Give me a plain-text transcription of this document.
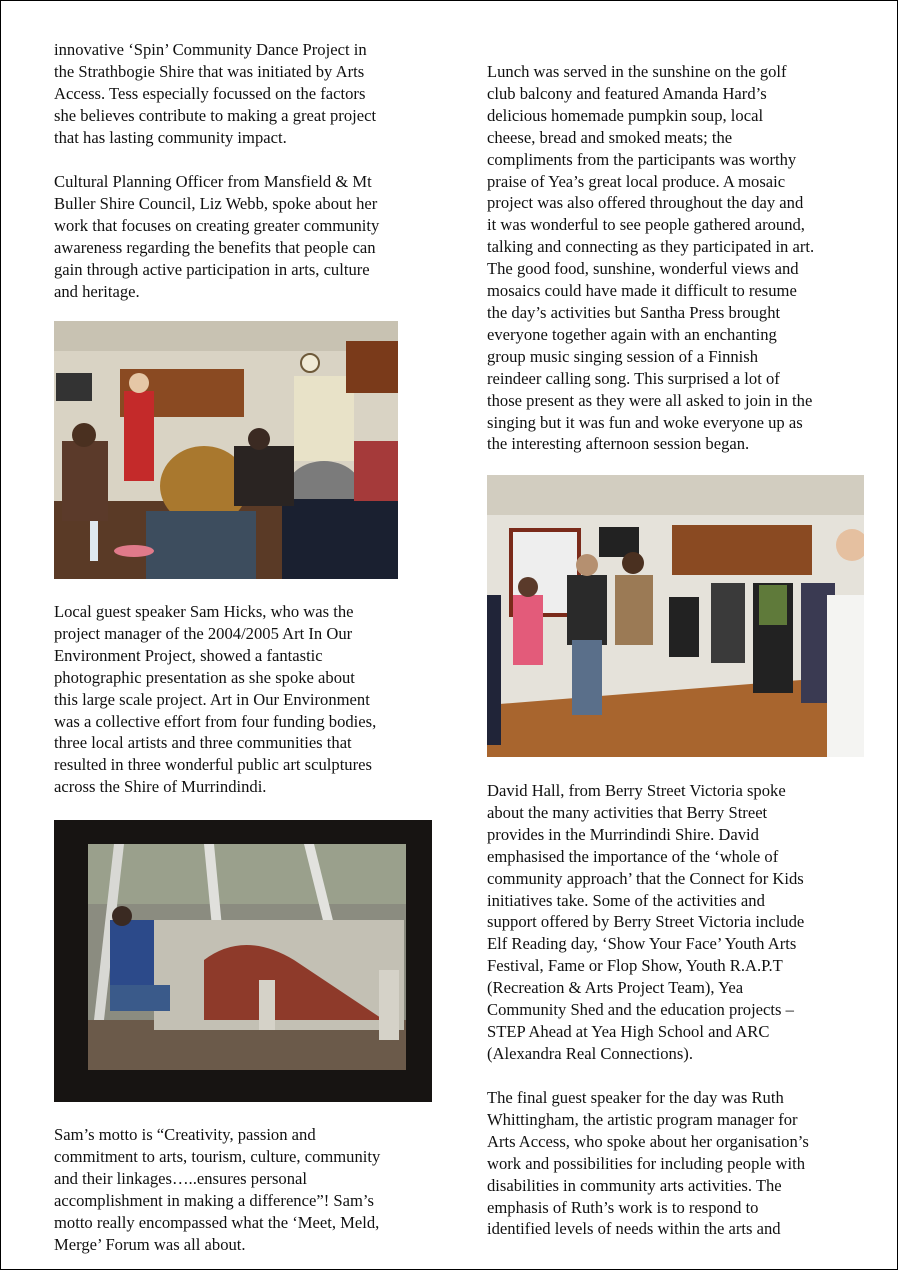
innovative ‘Spin’ Community Dance Project in
the Strathbogie Shire that was initiated by Arts
Access. Tess especially focussed on the factors
she believes contribute to making a great project
that has lasting community impact.

Cultural Planning Officer from Mansfield & Mt
Buller Shire Council, Liz Webb, spoke about her
work that focuses on creating greater community
awareness regarding the benefits that people can
gain through active participation in arts, culture
and heritage.

Local guest speaker Sam Hicks, who was the
project manager of the 2004/2005 Art In Our
Environment Project, showed a fantastic
photographic presentation as she spoke about
this large scale project. Art in Our Environment
was a collective effort from four funding bodies,
three local artists and three communities that
resulted in three wonderful public art sculptures
across the Shire of Murrindindi.

Sam’s motto is “Creativity, passion and
commitment to arts, tourism, culture, community
and their linkages…..ensures personal
accomplishment in making a difference”! Sam’s
motto really encompassed what the ‘Meet, Meld,
Merge’ Forum was all about.

Lunch was served in the sunshine on the golf
club balcony and featured Amanda Hard’s
delicious homemade pumpkin soup, local
cheese, bread and smoked meats; the
compliments from the participants was worthy
praise of Yea’s great local produce. A mosaic
project was also offered throughout the day and
it was wonderful to see people gathered around,
talking and connecting as they participated in art.
The good food, sunshine, wonderful views and
mosaics could have made it difficult to resume
the day’s activities but Santha Press brought
everyone together again with an enchanting
group music singing session of a Finnish
reindeer calling song. This surprised a lot of
those present as they were all asked to join in the
singing but it was fun and woke everyone up as
the interesting afternoon session began.

David Hall, from Berry Street Victoria spoke
about the many activities that Berry Street
provides in the Murrindindi Shire. David
emphasised the importance of the ‘whole of
community approach’ that the Connect for Kids
initiatives take. Some of the activities and
support offered by Berry Street Victoria include
Elf Reading day, ‘Show Your Face’ Youth Arts
Festival, Fame or Flop Show, Youth R.A.P.T
(Recreation & Arts Project Team), Yea
Community Shed and the education projects –
STEP Ahead at Yea High School and ARC
(Alexandra Real Connections).

The final guest speaker for the day was Ruth
Whittingham, the artistic program manager for
Arts Access, who spoke about her organisation’s
work and possibilities for including people with
disabilities in community arts activities. The
emphasis of Ruth’s work is to respond to
identified levels of needs within the arts and
